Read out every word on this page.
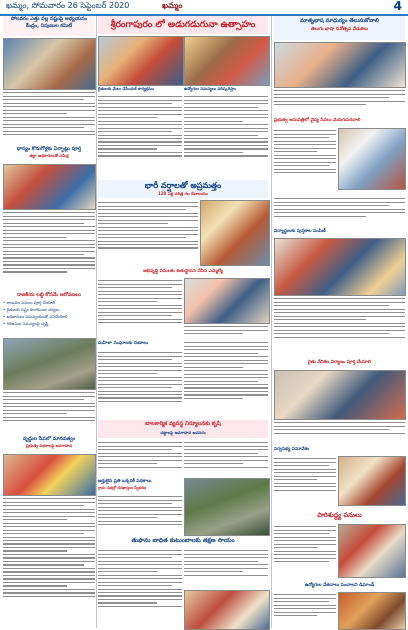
ఖమ్మం, సోమవారం 26 సెప్టెంబర్ 2020	ఖమ్మం	4
పోలవరం ఎత్తు వల్ల నష్టంపై అధ్యయనం
కేంద్రం, నిపుణుల కమిటీ
ధాన్యం కొనుగోళ్లకు ఏర్పాట్లు పూర్తి
జిల్లా అధికారులతో సమీక్ష
రాజకీయ లబ్ధి కోసమే ఆరోపణలు
• కాలువల పనులు పూర్తి చేయాలి
• రైతులకు నష్టం కలగకుండా చర్యలు
• అధికారులు సమన్వయంతో పనిచేయాలి
• గిరిజనుల సమస్యలపై దృష్టి
వృద్ధుల సేవలో మానవత్వం
ప్రభుత్వ పథకాలపై అవగాహన
శ్రీరంగాపురం లో అడుగడుగునా ఉత్సాహం
రైతులకు మేలు చేసేందుకే కార్యక్రమం	ఉద్యోగుల సమస్యలు పరిష్కరిస్తాం
భారీ వర్షాలతో అప్రమత్తం
120 ఏళ్ల చరిత్ర గల దేవాలయం
అభివృద్ధి పనులకు శంకుస్థాపన చేసిన ఎమ్మెల్యే
మహిళా సంఘాలకు రుణాలు
బాలకార్మిక వ్యవస్థ నిర్మూలనకు కృషి
చట్టాలపై అవగాహన అవసరం
అర్హులైన ప్రతి ఒక్కరికీ పథకాలు
గ్రామ సభల్లో దరఖాస్తుల స్వీకరణ
తుఫాను బాధిత కుటుంబాలకు తక్షణ సాయం
మాతృభాష మాధుర్యం తెలుసుకోవాలి
తెలుగు భాషా దినోత్సవ వేడుకలు
ప్రభుత్వ ఆసుపత్రిలో వైద్య సేవలు మెరుగుపరచాలి
విద్యార్థులకు పుస్తకాల పంపిణీ
రైతు వేదికల నిర్మాణం పూర్తి చేయాలి
సర్వసభ్య సమావేశం
పారిశుద్ధ్య పనులు
ఉద్యోగుల వేతనాలు పెంచాలని డిమాండ్
